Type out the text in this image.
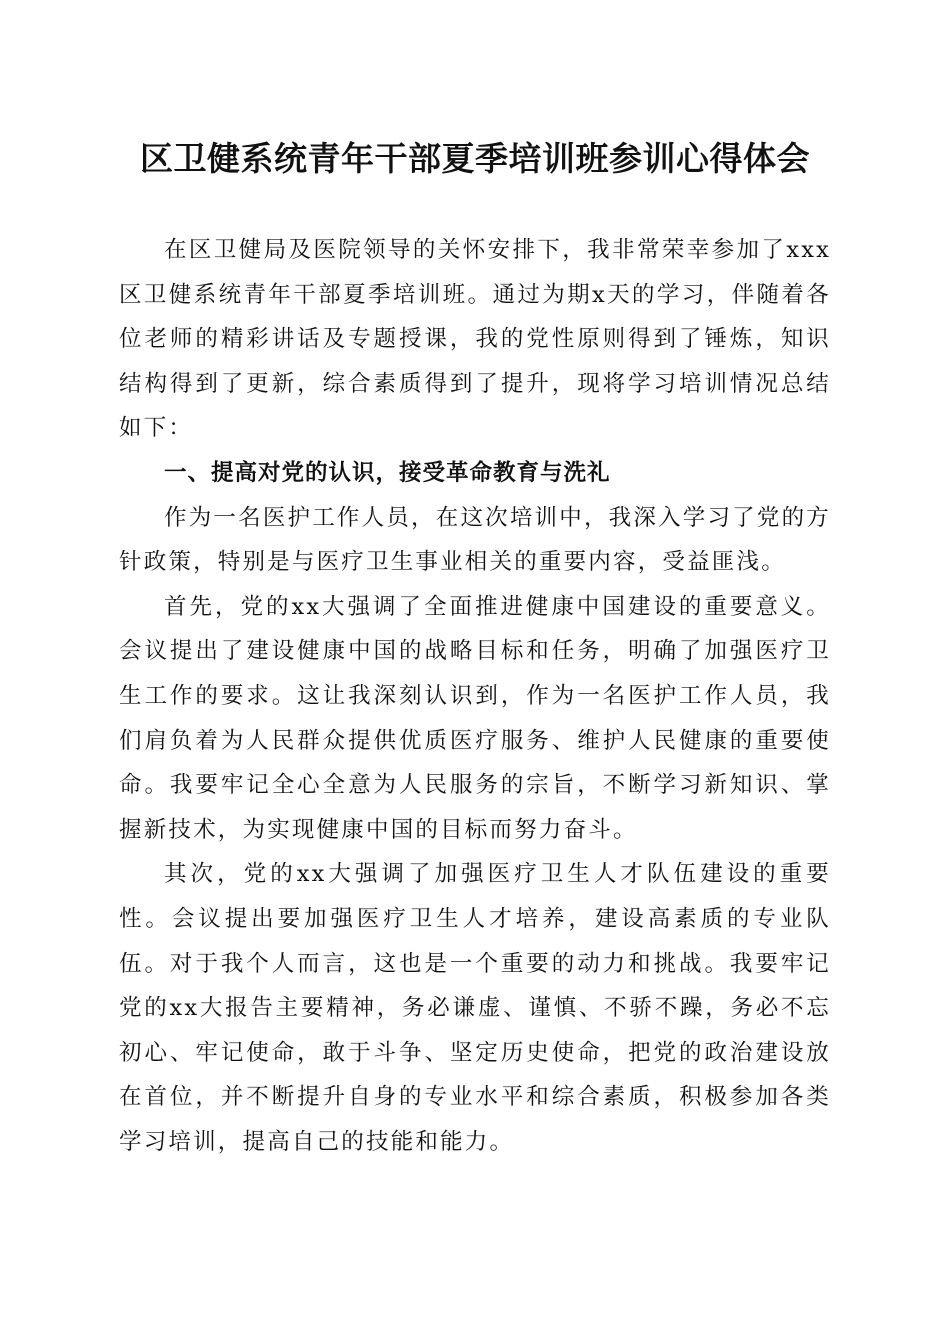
区卫健系统青年干部夏季培训班参训心得体会

在区卫健局及医院领导的关怀安排下，我非常荣幸参加了xxx区卫健系统青年干部夏季培训班。通过为期x天的学习，伴随着各位老师的精彩讲话及专题授课，我的党性原则得到了锤炼，知识结构得到了更新，综合素质得到了提升，现将学习培训情况总结如下：

一、提高对党的认识，接受革命教育与洗礼

作为一名医护工作人员，在这次培训中，我深入学习了党的方针政策，特别是与医疗卫生事业相关的重要内容，受益匪浅。

首先，党的xx大强调了全面推进健康中国建设的重要意义。会议提出了建设健康中国的战略目标和任务，明确了加强医疗卫生工作的要求。这让我深刻认识到，作为一名医护工作人员，我们肩负着为人民群众提供优质医疗服务、维护人民健康的重要使命。我要牢记全心全意为人民服务的宗旨，不断学习新知识、掌握新技术，为实现健康中国的目标而努力奋斗。

其次，党的xx大强调了加强医疗卫生人才队伍建设的重要性。会议提出要加强医疗卫生人才培养，建设高素质的专业队伍。对于我个人而言，这也是一个重要的动力和挑战。我要牢记党的xx大报告主要精神，务必谦虚、谨慎、不骄不躁，务必不忘初心、牢记使命，敢于斗争、坚定历史使命，把党的政治建设放在首位，并不断提升自身的专业水平和综合素质，积极参加各类学习培训，提高自己的技能和能力。
